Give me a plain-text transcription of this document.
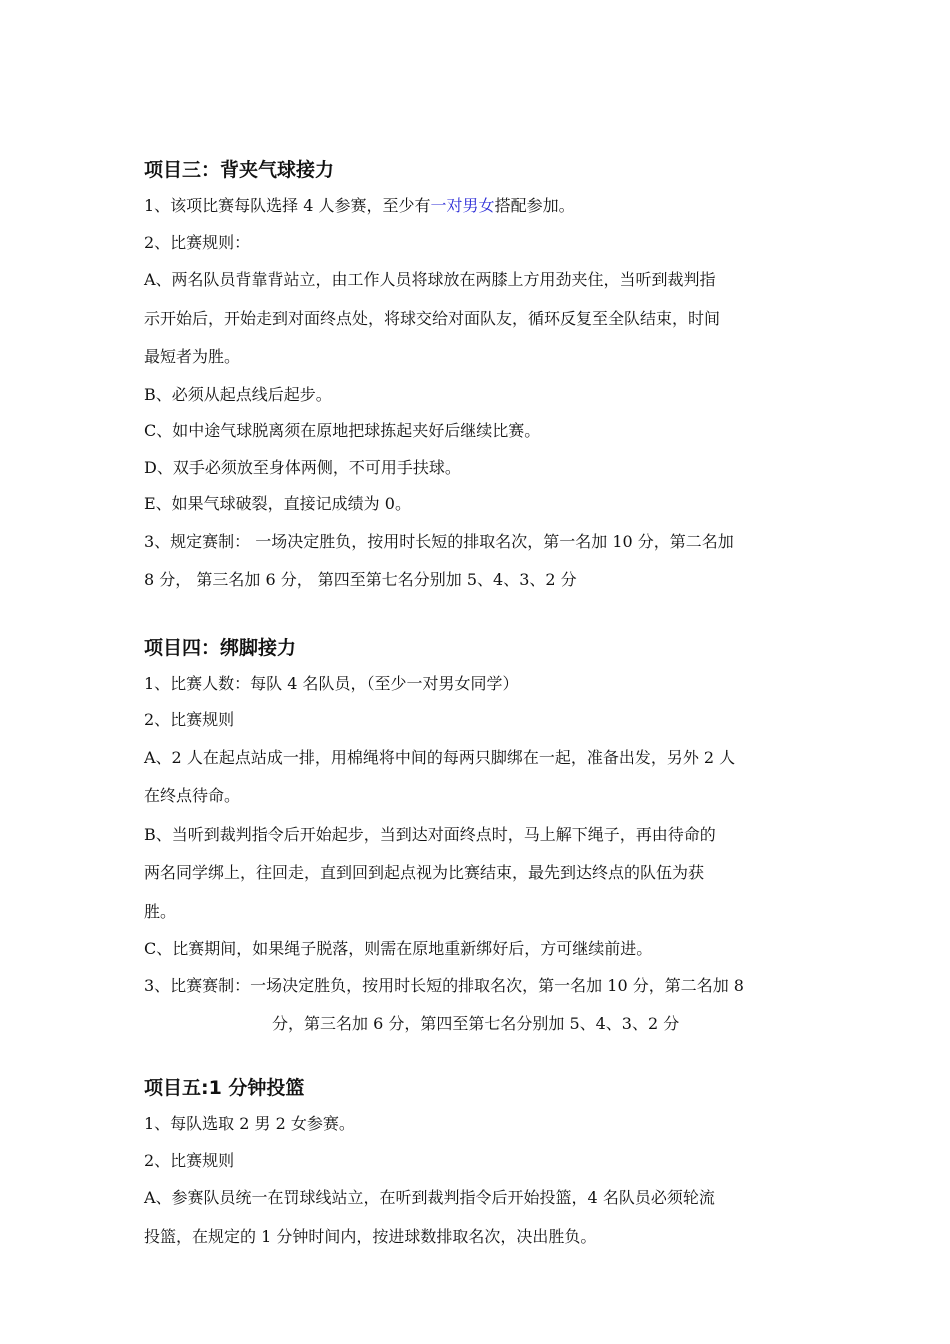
项目三：背夹气球接力
1、该项比赛每队选择 4 人参赛，至少有一对男女搭配参加。
2、比赛规则：
A、两名队员背靠背站立，由工作人员将球放在两膝上方用劲夹住，当听到裁判指
示开始后，开始走到对面终点处，将球交给对面队友，循环反复至全队结束，时间
最短者为胜。
B、必须从起点线后起步。
C、如中途气球脱离须在原地把球拣起夹好后继续比赛。
D、双手必须放至身体两侧，不可用手扶球。
E、如果气球破裂，直接记成绩为 0。
3、规定赛制： 一场决定胜负，按用时长短的排取名次，第一名加 10 分，第二名加
8 分， 第三名加 6 分， 第四至第七名分别加 5、4、3、2 分
项目四：绑脚接力
1、比赛人数：每队 4 名队员，（至少一对男女同学）
2、比赛规则
A、2 人在起点站成一排，用棉绳将中间的每两只脚绑在一起，准备出发，另外 2 人
在终点待命。
B、当听到裁判指令后开始起步，当到达对面终点时，马上解下绳子，再由待命的
两名同学绑上，往回走，直到回到起点视为比赛结束，最先到达终点的队伍为获
胜。
C、比赛期间，如果绳子脱落，则需在原地重新绑好后，方可继续前进。
3、比赛赛制：一场决定胜负，按用时长短的排取名次，第一名加 10 分，第二名加 8
分，第三名加 6 分，第四至第七名分别加 5、4、3、2 分
项目五:1 分钟投篮
1、每队选取 2 男 2 女参赛。
2、比赛规则
A、参赛队员统一在罚球线站立，在听到裁判指令后开始投篮，4 名队员必须轮流
投篮，在规定的 1 分钟时间内，按进球数排取名次，决出胜负。
